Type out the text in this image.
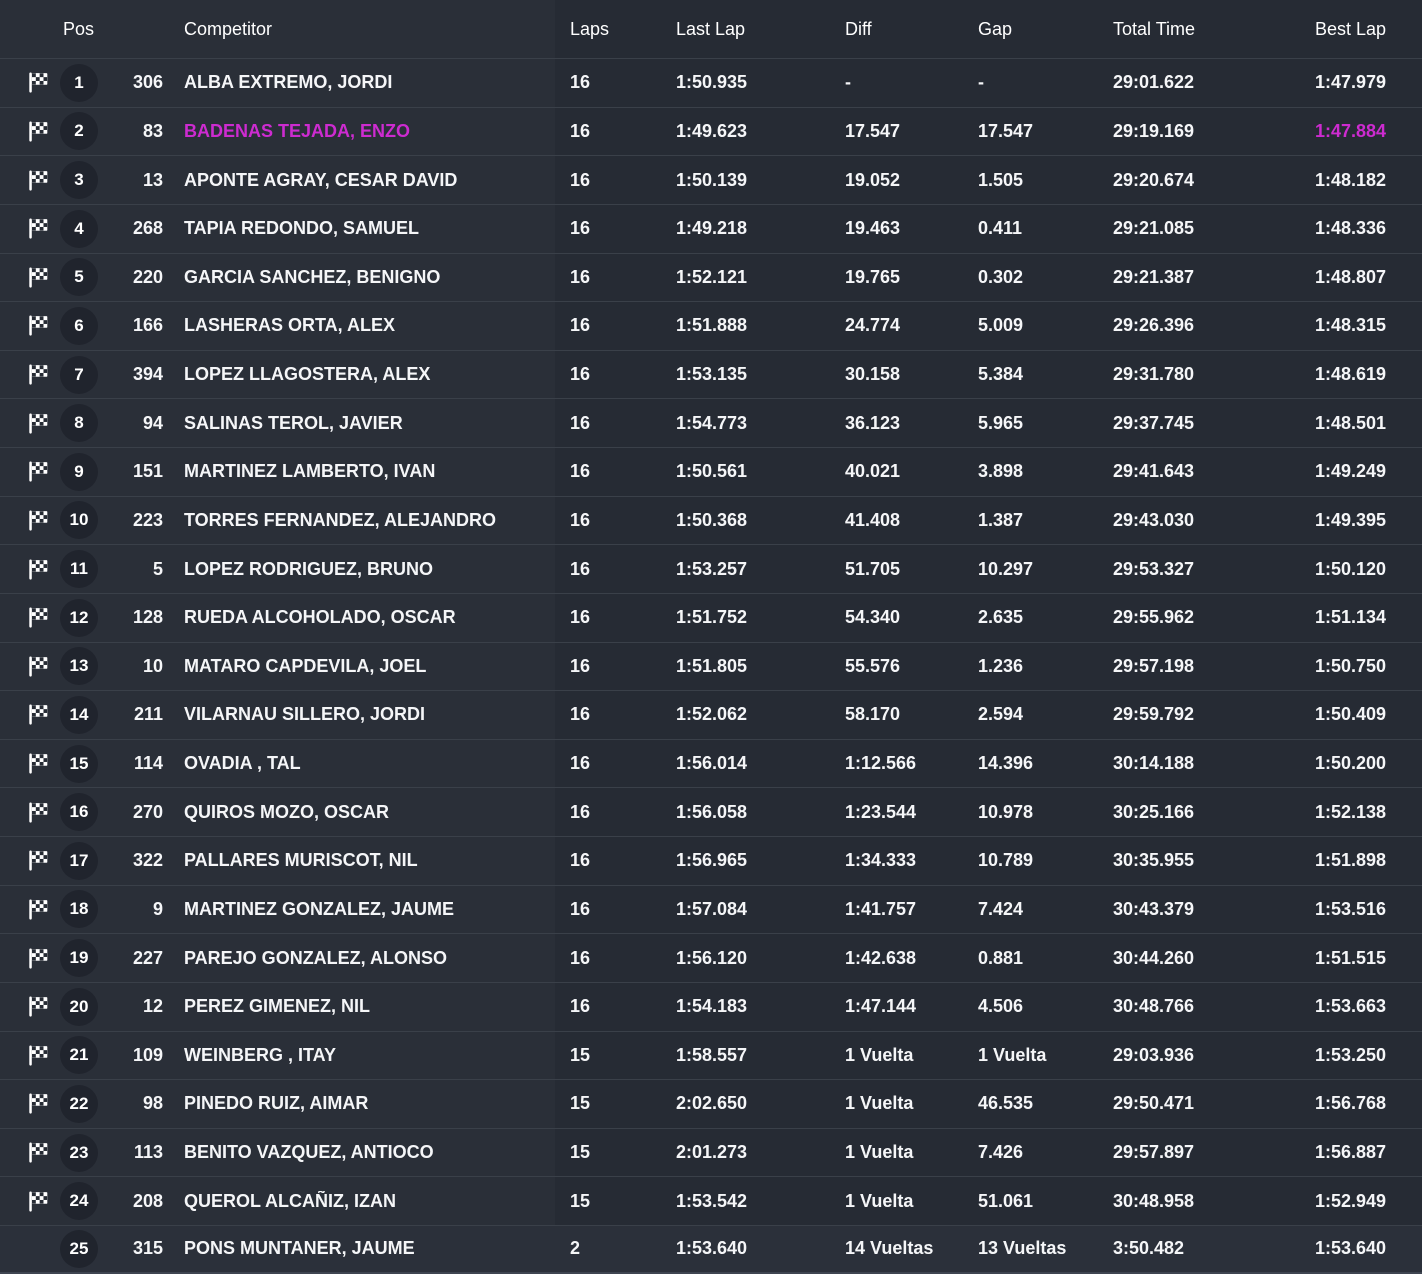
Pos	Competitor	Laps	Last Lap	Diff	Gap	Total Time	Best Lap
1	306	ALBA EXTREMO, JORDI	16	1:50.935	-	-	29:01.622	1:47.979
2	83	BADENAS TEJADA, ENZO	16	1:49.623	17.547	17.547	29:19.169	1:47.884
3	13	APONTE AGRAY, CESAR DAVID	16	1:50.139	19.052	1.505	29:20.674	1:48.182
4	268	TAPIA REDONDO, SAMUEL	16	1:49.218	19.463	0.411	29:21.085	1:48.336
5	220	GARCIA SANCHEZ, BENIGNO	16	1:52.121	19.765	0.302	29:21.387	1:48.807
6	166	LASHERAS ORTA, ALEX	16	1:51.888	24.774	5.009	29:26.396	1:48.315
7	394	LOPEZ LLAGOSTERA, ALEX	16	1:53.135	30.158	5.384	29:31.780	1:48.619
8	94	SALINAS TEROL, JAVIER	16	1:54.773	36.123	5.965	29:37.745	1:48.501
9	151	MARTINEZ LAMBERTO, IVAN	16	1:50.561	40.021	3.898	29:41.643	1:49.249
10	223	TORRES FERNANDEZ, ALEJANDRO	16	1:50.368	41.408	1.387	29:43.030	1:49.395
11	5	LOPEZ RODRIGUEZ, BRUNO	16	1:53.257	51.705	10.297	29:53.327	1:50.120
12	128	RUEDA ALCOHOLADO, OSCAR	16	1:51.752	54.340	2.635	29:55.962	1:51.134
13	10	MATARO CAPDEVILA, JOEL	16	1:51.805	55.576	1.236	29:57.198	1:50.750
14	211	VILARNAU SILLERO, JORDI	16	1:52.062	58.170	2.594	29:59.792	1:50.409
15	114	OVADIA , TAL	16	1:56.014	1:12.566	14.396	30:14.188	1:50.200
16	270	QUIROS MOZO, OSCAR	16	1:56.058	1:23.544	10.978	30:25.166	1:52.138
17	322	PALLARES MURISCOT, NIL	16	1:56.965	1:34.333	10.789	30:35.955	1:51.898
18	9	MARTINEZ GONZALEZ, JAUME	16	1:57.084	1:41.757	7.424	30:43.379	1:53.516
19	227	PAREJO GONZALEZ, ALONSO	16	1:56.120	1:42.638	0.881	30:44.260	1:51.515
20	12	PEREZ GIMENEZ, NIL	16	1:54.183	1:47.144	4.506	30:48.766	1:53.663
21	109	WEINBERG , ITAY	15	1:58.557	1 Vuelta	1 Vuelta	29:03.936	1:53.250
22	98	PINEDO RUIZ, AIMAR	15	2:02.650	1 Vuelta	46.535	29:50.471	1:56.768
23	113	BENITO VAZQUEZ, ANTIOCO	15	2:01.273	1 Vuelta	7.426	29:57.897	1:56.887
24	208	QUEROL ALCAÑIZ, IZAN	15	1:53.542	1 Vuelta	51.061	30:48.958	1:52.949
25	315	PONS MUNTANER, JAUME	2	1:53.640	14 Vueltas	13 Vueltas	3:50.482	1:53.640
